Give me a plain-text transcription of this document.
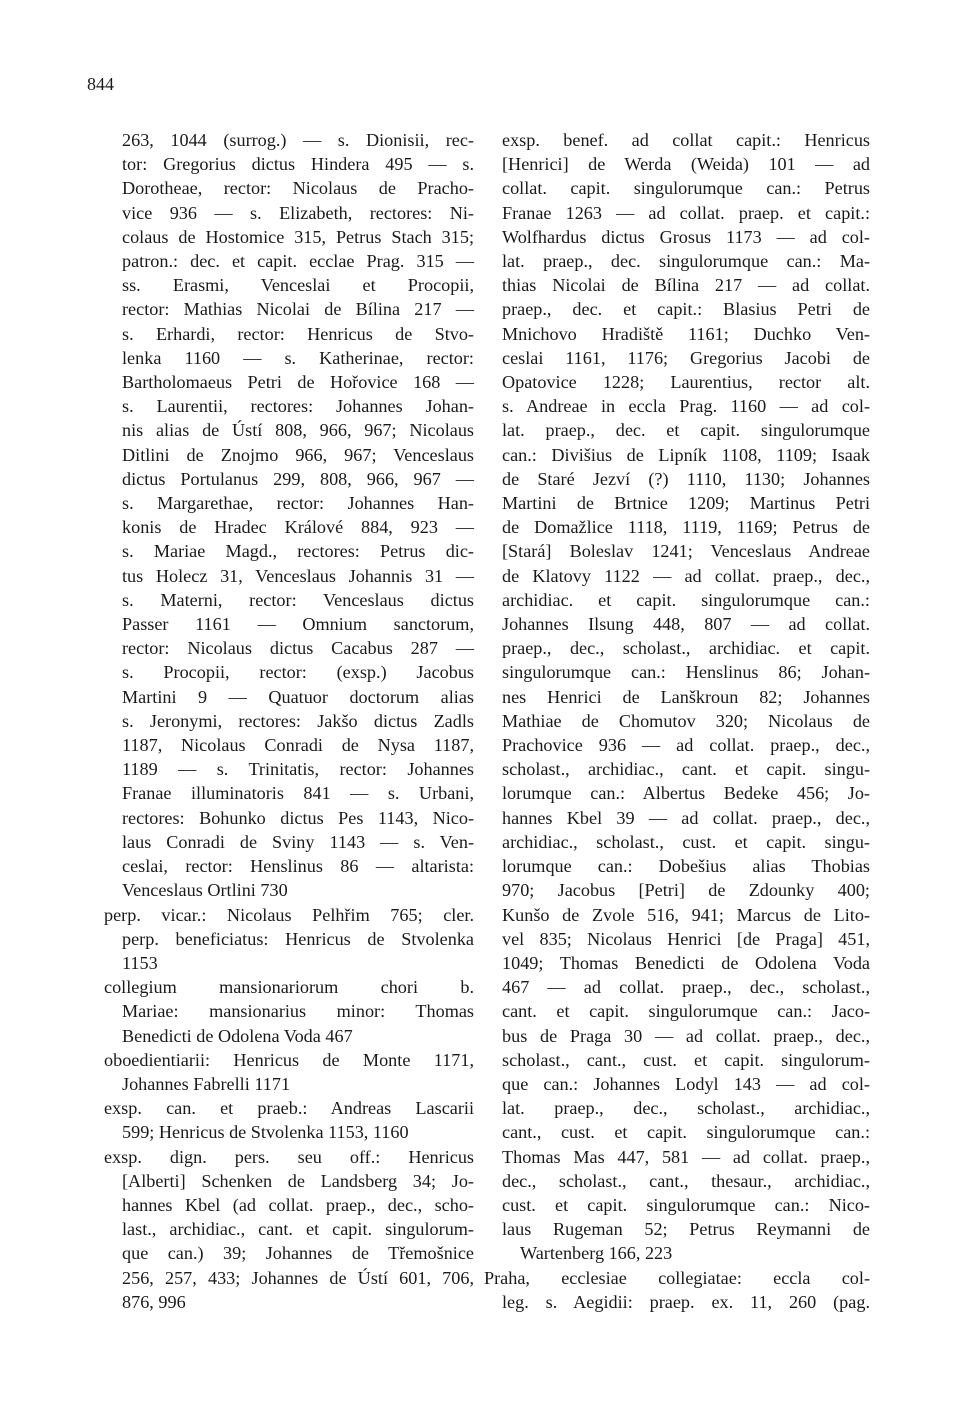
844
263, 1044 (surrog.) — s. Dionisii, rec-
tor: Gregorius dictus Hindera 495 — s.
Dorotheae, rector: Nicolaus de Pracho-
vice 936 — s. Elizabeth, rectores: Ni-
colaus de Hostomice 315, Petrus Stach 315;
patron.: dec. et capit. ecclae Prag. 315 —
ss. Erasmi, Venceslai et Procopii,
rector: Mathias Nicolai de Bílina 217 —
s. Erhardi, rector: Henricus de Stvo-
lenka 1160 — s. Katherinae, rector:
Bartholomaeus Petri de Hořovice 168 —
s. Laurentii, rectores: Johannes Johan-
nis alias de Ústí 808, 966, 967; Nicolaus
Ditlini de Znojmo 966, 967; Venceslaus
dictus Portulanus 299, 808, 966, 967 —
s. Margarethae, rector: Johannes Han-
konis de Hradec Králové 884, 923 —
s. Mariae Magd., rectores: Petrus dic-
tus Holecz 31, Venceslaus Johannis 31 —
s. Materni, rector: Venceslaus dictus
Passer 1161 — Omnium sanctorum,
rector: Nicolaus dictus Cacabus 287 —
s. Procopii, rector: (exsp.) Jacobus
Martini 9 — Quatuor doctorum alias
s. Jeronymi, rectores: Jakšo dictus Zadls
1187, Nicolaus Conradi de Nysa 1187,
1189 — s. Trinitatis, rector: Johannes
Franae illuminatoris 841 — s. Urbani,
rectores: Bohunko dictus Pes 1143, Nico-
laus Conradi de Sviny 1143 — s. Ven-
ceslai, rector: Henslinus 86 — altarista:
Venceslaus Ortlini 730
perp. vicar.: Nicolaus Pelhřim 765; cler.
perp. beneficiatus: Henricus de Stvolenka
1153
collegium mansionariorum chori b.
Mariae: mansionarius minor: Thomas
Benedicti de Odolena Voda 467
oboedientiarii: Henricus de Monte 1171,
Johannes Fabrelli 1171
exsp. can. et praeb.: Andreas Lascarii
599; Henricus de Stvolenka 1153, 1160
exsp. dign. pers. seu off.: Henricus
[Alberti] Schenken de Landsberg 34; Jo-
hannes Kbel (ad collat. praep., dec., scho-
last., archidiac., cant. et capit. singulorum-
que can.) 39; Johannes de Třemošnice
256, 257, 433; Johannes de Ústí 601, 706,
876, 996
exsp. benef. ad collat capit.: Henricus
[Henrici] de Werda (Weida) 101 — ad
collat. capit. singulorumque can.: Petrus
Franae 1263 — ad collat. praep. et capit.:
Wolfhardus dictus Grosus 1173 — ad col-
lat. praep., dec. singulorumque can.: Ma-
thias Nicolai de Bílina 217 — ad collat.
praep., dec. et capit.: Blasius Petri de
Mnichovo Hradiště 1161; Duchko Ven-
ceslai 1161, 1176; Gregorius Jacobi de
Opatovice 1228; Laurentius, rector alt.
s. Andreae in eccla Prag. 1160 — ad col-
lat. praep., dec. et capit. singulorumque
can.: Divišius de Lipník 1108, 1109; Isaak
de Staré Jezví (?) 1110, 1130; Johannes
Martini de Brtnice 1209; Martinus Petri
de Domažlice 1118, 1119, 1169; Petrus de
[Stará] Boleslav 1241; Venceslaus Andreae
de Klatovy 1122 — ad collat. praep., dec.,
archidiac. et capit. singulorumque can.:
Johannes Ilsung 448, 807 — ad collat.
praep., dec., scholast., archidiac. et capit.
singulorumque can.: Henslinus 86; Johan-
nes Henrici de Lanškroun 82; Johannes
Mathiae de Chomutov 320; Nicolaus de
Prachovice 936 — ad collat. praep., dec.,
scholast., archidiac., cant. et capit. singu-
lorumque can.: Albertus Bedeke 456; Jo-
hannes Kbel 39 — ad collat. praep., dec.,
archidiac., scholast., cust. et capit. singu-
lorumque can.: Dobešius alias Thobias
970; Jacobus [Petri] de Zdounky 400;
Kunšo de Zvole 516, 941; Marcus de Lito-
vel 835; Nicolaus Henrici [de Praga] 451,
1049; Thomas Benedicti de Odolena Voda
467 — ad collat. praep., dec., scholast.,
cant. et capit. singulorumque can.: Jaco-
bus de Praga 30 — ad collat. praep., dec.,
scholast., cant., cust. et capit. singulorum-
que can.: Johannes Lodyl 143 — ad col-
lat. praep., dec., scholast., archidiac.,
cant., cust. et capit. singulorumque can.:
Thomas Mas 447, 581 — ad collat. praep.,
dec., scholast., cant., thesaur., archidiac.,
cust. et capit. singulorumque can.: Nico-
laus Rugeman 52; Petrus Reymanni de
Wartenberg 166, 223
Praha, ecclesiae collegiatae: eccla col-
leg. s. Aegidii: praep. ex. 11, 260 (pag.
